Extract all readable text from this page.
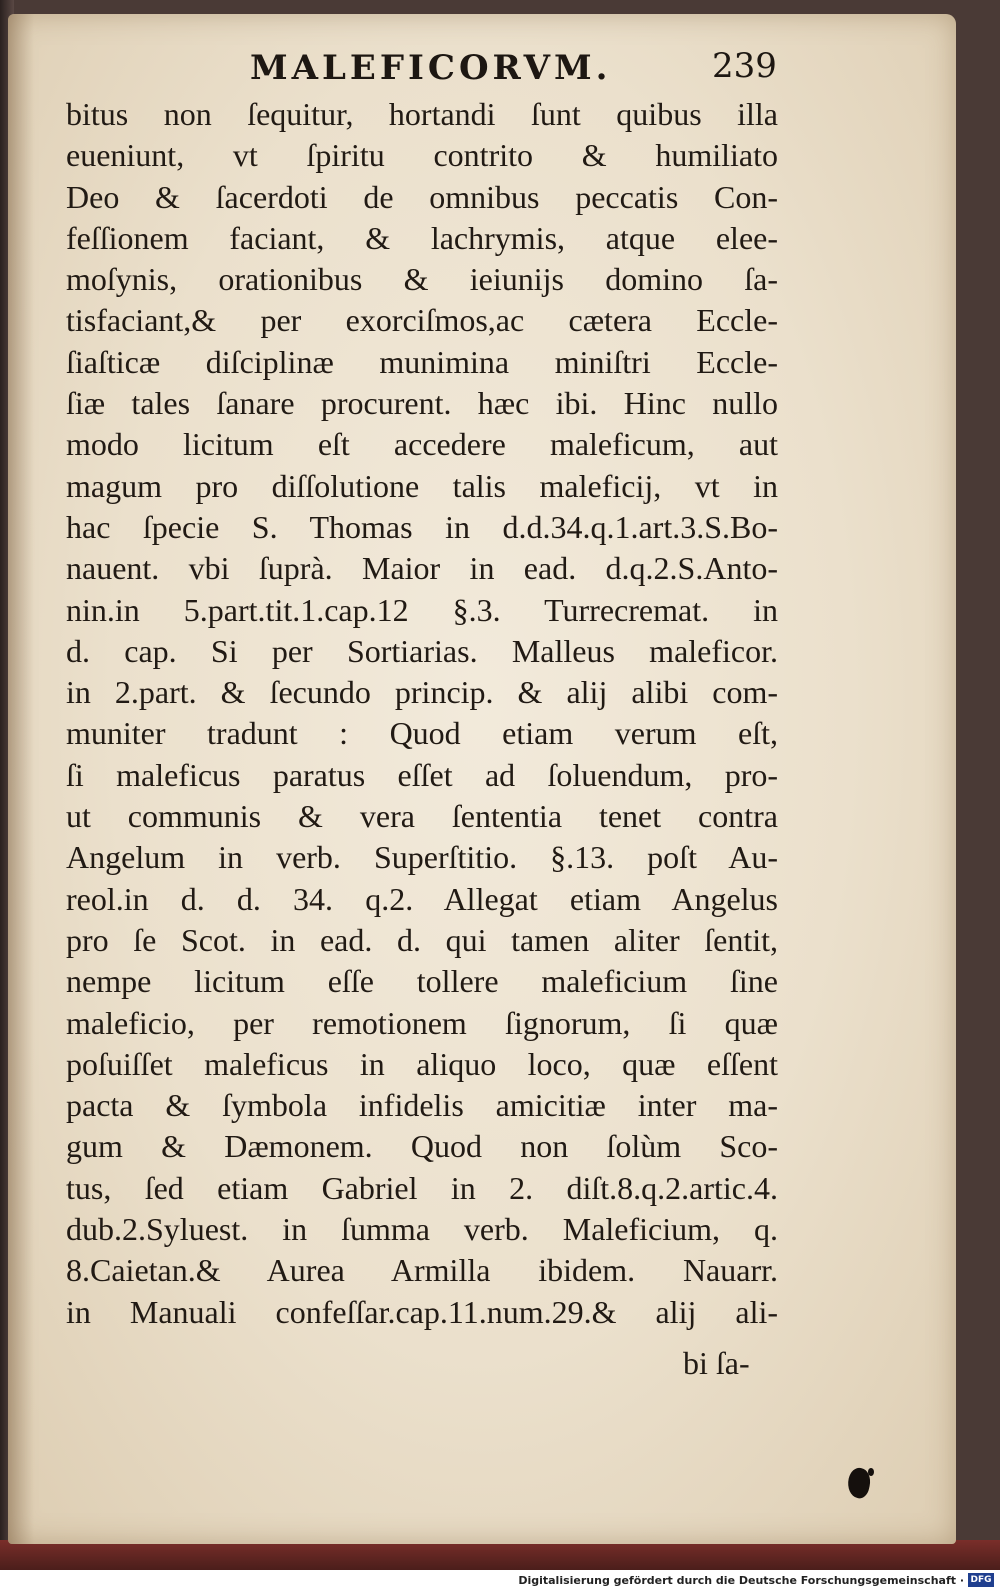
MALEFICORVM.	239
bitus non ſequitur, hortandi ſunt quibus illa
eueniunt, vt ſpiritu contrito & humiliato
Deo & ſacerdoti de omnibus peccatis Con-
feſſionem faciant, & lachrymis, atque elee-
moſynis, orationibus & ieiunijs domino ſa-
tisfaciant,& per exorciſmos,ac cætera Eccle-
ſiaſticæ diſciplinæ munimina miniſtri Eccle-
ſiæ tales ſanare procurent. hæc ibi. Hinc nullo
modo licitum eſt accedere maleficum, aut
magum pro diſſolutione talis maleficij, vt in
hac ſpecie S. Thomas in d.d.34.q.1.art.3.S.Bo-
nauent. vbi ſuprà. Maior in ead. d.q.2.S.Anto-
nin.in 5.part.tit.1.cap.12 §.3. Turrecremat. in
d. cap. Si per Sortiarias. Malleus maleficor.
in 2.part. & ſecundo princip. & alij alibi com-
muniter tradunt : Quod etiam verum eſt,
ſi maleficus paratus eſſet ad ſoluendum, pro-
ut communis & vera ſententia tenet contra
Angelum in verb. Superſtitio. §.13. poſt Au-
reol.in d. d. 34. q.2. Allegat etiam Angelus
pro ſe Scot. in ead. d. qui tamen aliter ſentit,
nempe licitum eſſe tollere maleficium ſine
maleficio, per remotionem ſignorum, ſi quæ
poſuiſſet maleficus in aliquo loco, quæ eſſent
pacta & ſymbola infidelis amicitiæ inter ma-
gum & Dæmonem. Quod non ſolùm Sco-
tus, ſed etiam Gabriel in 2. diſt.8.q.2.artic.4.
dub.2.Syluest. in ſumma verb. Maleficium, q.
8.Caietan.& Aurea Armilla ibidem. Nauarr.
in Manuali confeſſar.cap.11.num.29.& alij ali-
bi ſa-
Digitalisierung gefördert durch die Deutsche Forschungsgemeinschaft · DFG
